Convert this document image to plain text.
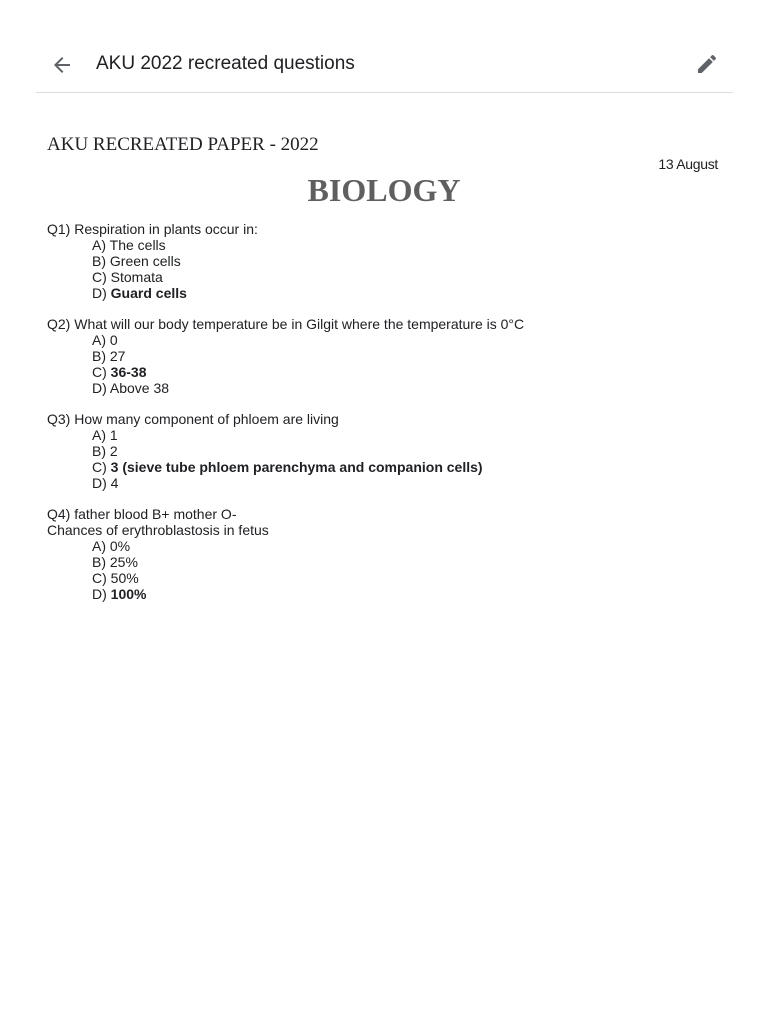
AKU 2022 recreated questions
AKU RECREATED PAPER - 2022
13 August
BIOLOGY
Q1) Respiration in plants occur in:
A) The cells
B) Green cells
C) Stomata
D) Guard cells
Q2) What will our body temperature be in Gilgit where the temperature is 0°C
A) 0
B) 27
C) 36-38
D) Above 38
Q3) How many component of phloem are living
A) 1
B) 2
C) 3 (sieve tube phloem parenchyma and companion cells)
D) 4
Q4) father blood B+ mother O-
Chances of erythroblastosis in fetus
A) 0%
B) 25%
C) 50%
D) 100%
